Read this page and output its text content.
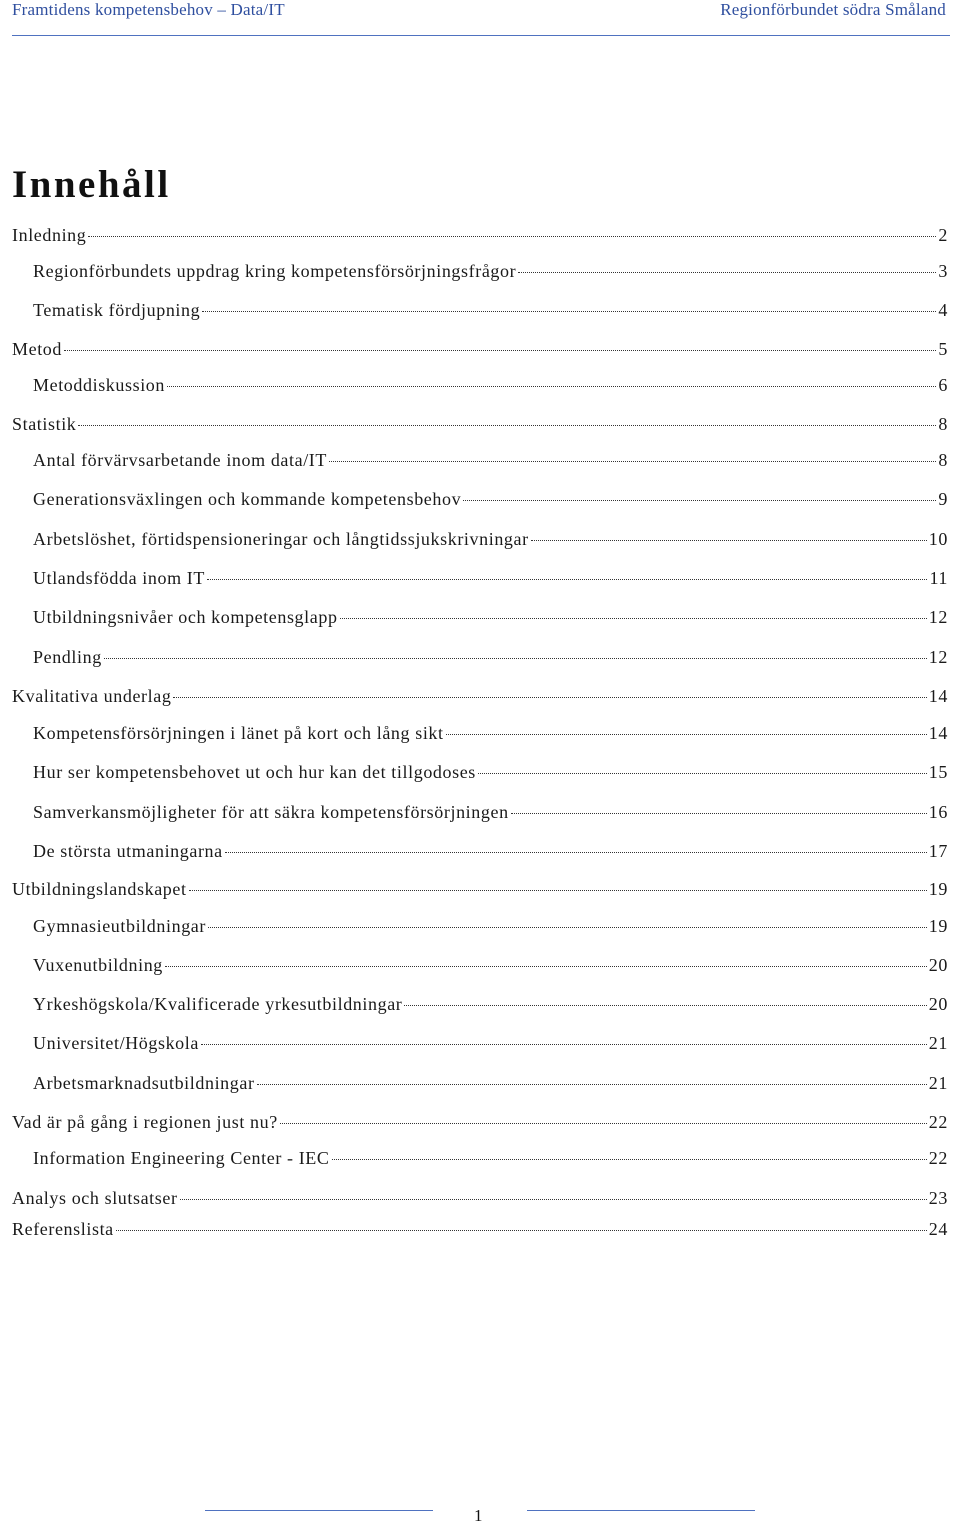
Framtidens kompetensbehov – Data/IT	Regionförbundet södra Småland
Innehåll
Inledning	2
Regionförbundets uppdrag kring kompetensförsörjningsfrågor	3
Tematisk fördjupning	4
Metod	5
Metoddiskussion	6
Statistik	8
Antal förvärvsarbetande inom data/IT	8
Generationsväxlingen och kommande kompetensbehov	9
Arbetslöshet, förtidspensioneringar och långtidssjukskrivningar	10
Utlandsfödda inom IT	11
Utbildningsnivåer och kompetensglapp	12
Pendling	12
Kvalitativa underlag	14
Kompetensförsörjningen i länet på kort och lång sikt	14
Hur ser kompetensbehovet ut och hur kan det tillgodoses	15
Samverkansmöjligheter för att säkra kompetensförsörjningen	16
De största utmaningarna	17
Utbildningslandskapet	19
Gymnasieutbildningar	19
Vuxenutbildning	20
Yrkeshögskola/Kvalificerade yrkesutbildningar	20
Universitet/Högskola	21
Arbetsmarknadsutbildningar	21
Vad är på gång i regionen just nu?	22
Information Engineering Center - IEC	22
Analys och slutsatser	23
Referenslista	24
1
